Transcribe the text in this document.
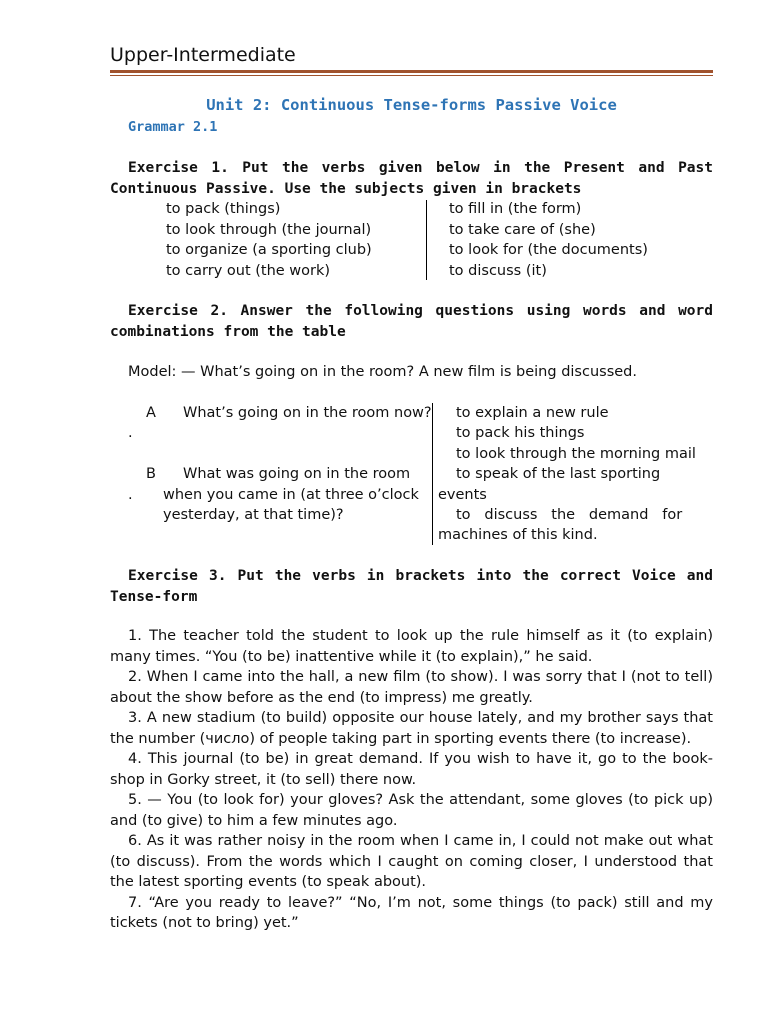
Upper-Intermediate
Unit 2: Continuous Tense-forms Passive Voice
Grammar 2.1
Exercise 1. Put the verbs given below in the Present and Past Continuous Passive. Use the subjects given in brackets
to pack (things)
to look through (the journal)
to organize (a sporting club)
to carry out (the work)
to fill in (the form)
to take care of (she)
to look for (the documents)
to discuss (it)
Exercise 2. Answer the following questions using words and word combinations from the table
Model: — What’s going on in the room? A new film is being discussed.
A What’s going on in the room now?
.
B What was going on in the room
. when you came in (at three o’clock
yesterday, at that time)?
to explain a new rule
to pack his things
to look through the morning mail
to speak of the last sporting
events
to   discuss   the   demand   for
machines of this kind.
Exercise 3. Put the verbs in brackets into the correct Voice and Tense-form
1. The teacher told the student to look up the rule himself as it (to explain) many times. “You (to be) inattentive while it (to explain),” he said.
2. When I came into the hall, a new film (to show). I was sorry that I (not to tell) about the show before as the end (to impress) me greatly.
3. A new stadium (to build) opposite our house lately, and my brother says that the number (число) of people taking part in sporting events there (to increase).
4. This journal (to be) in great demand. If you wish to have it, go to the book-shop in Gorky street, it (to sell) there now.
5. — You (to look for) your gloves? Ask the attendant, some gloves (to pick up) and (to give) to him a few minutes ago.
6. As it was rather noisy in the room when I came in, I could not make out what (to discuss). From the words which I caught on coming closer, I understood that the latest sporting events (to speak about).
7. “Are you ready to leave?” “No, I’m not, some things (to pack) still and my tickets (not to bring) yet.”
